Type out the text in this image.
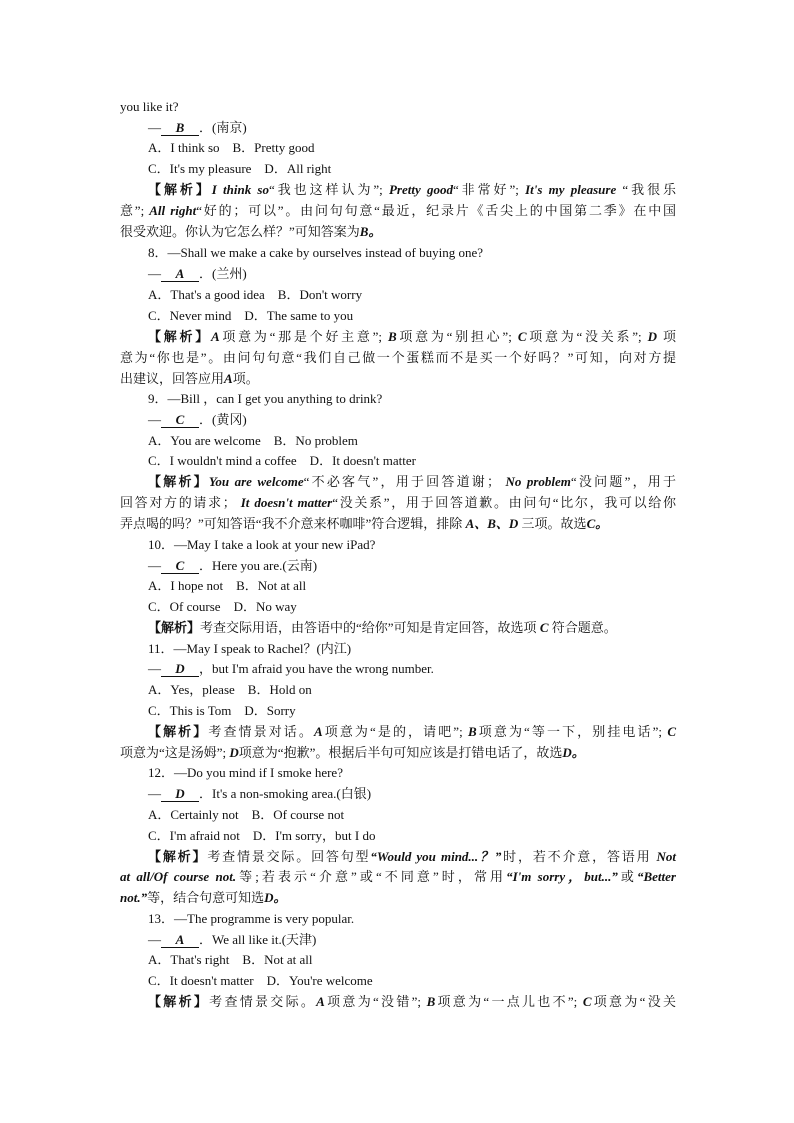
you like it?
— B ．(南京)
A．I think so　B．Pretty good
C．It's my pleasure　D．All right
【解析】I think so“我也这样认为”; Pretty good“非常好”; It's my pleasure “我很乐
意”; All right“好的；可以”。由问句句意“最近，纪录片《舌尖上的中国第二季》在中国
很受欢迎。你认为它怎么样？”可知答案为B。
8．—Shall we make a cake by ourselves instead of buying one?
— A ．(兰州)
A．That's a good idea　B．Don't worry
C．Never mind　D．The same to you
【解析】A项意为“那是个好主意”; B项意为“别担心”; C项意为“没关系”; D 项
意为“你也是”。由问句句意“我们自己做一个蛋糕而不是买一个好吗？”可知，向对方提
出建议，回答应用A项。
9．—Bill ，can I get you anything to drink?
— C ．(黄冈)
A．You are welcome　B．No problem
C．I wouldn't mind a coffee　D．It doesn't matter
【解析】You are welcome“不必客气”，用于回答道谢； No problem“没问题”，用于
回答对方的请求； It doesn't matter“没关系”，用于回答道歉。由问句“比尔，我可以给你
弄点喝的吗？”可知答语“我不介意来杯咖啡”符合逻辑，排除 A、B、D 三项。故选C。
10．—May I take a look at your new iPad?
— C ．Here you are.(云南)
A．I hope not　B．Not at all
C．Of course　D．No way
【解析】考查交际用语，由答语中的“给你”可知是肯定回答，故选项 C 符合题意。
11．—May I speak to Rachel？(内江)
— D ，but I'm afraid you have the wrong number.
A．Yes，please　B．Hold on
C．This is Tom　D．Sorry
【解析】考查情景对话。A项意为“是的，请吧”; B项意为“等一下，别挂电话”; C
项意为“这是汤姆”; D项意为“抱歉”。根据后半句可知应该是打错电话了，故选D。
12．—Do you mind if I smoke here?
— D ．It's a non-smoking area.(白银)
A．Certainly not　B．Of course not
C．I'm afraid not　D．I'm sorry，but I do
【解析】考查情景交际。回答句型“Would you mind...？”时，若不介意，答语用 Not
at all/Of course not.等;若表示“介意”或“不同意”时，常用“I'm sorry，but...”或“Better
not.”等，结合句意可知选D。
13．—The programme is very popular.
— A ．We all like it.(天津)
A．That's right　B．Not at all
C．It doesn't matter　D．You're welcome
【解析】考查情景交际。A项意为“没错”; B项意为“一点儿也不”; C项意为“没关
